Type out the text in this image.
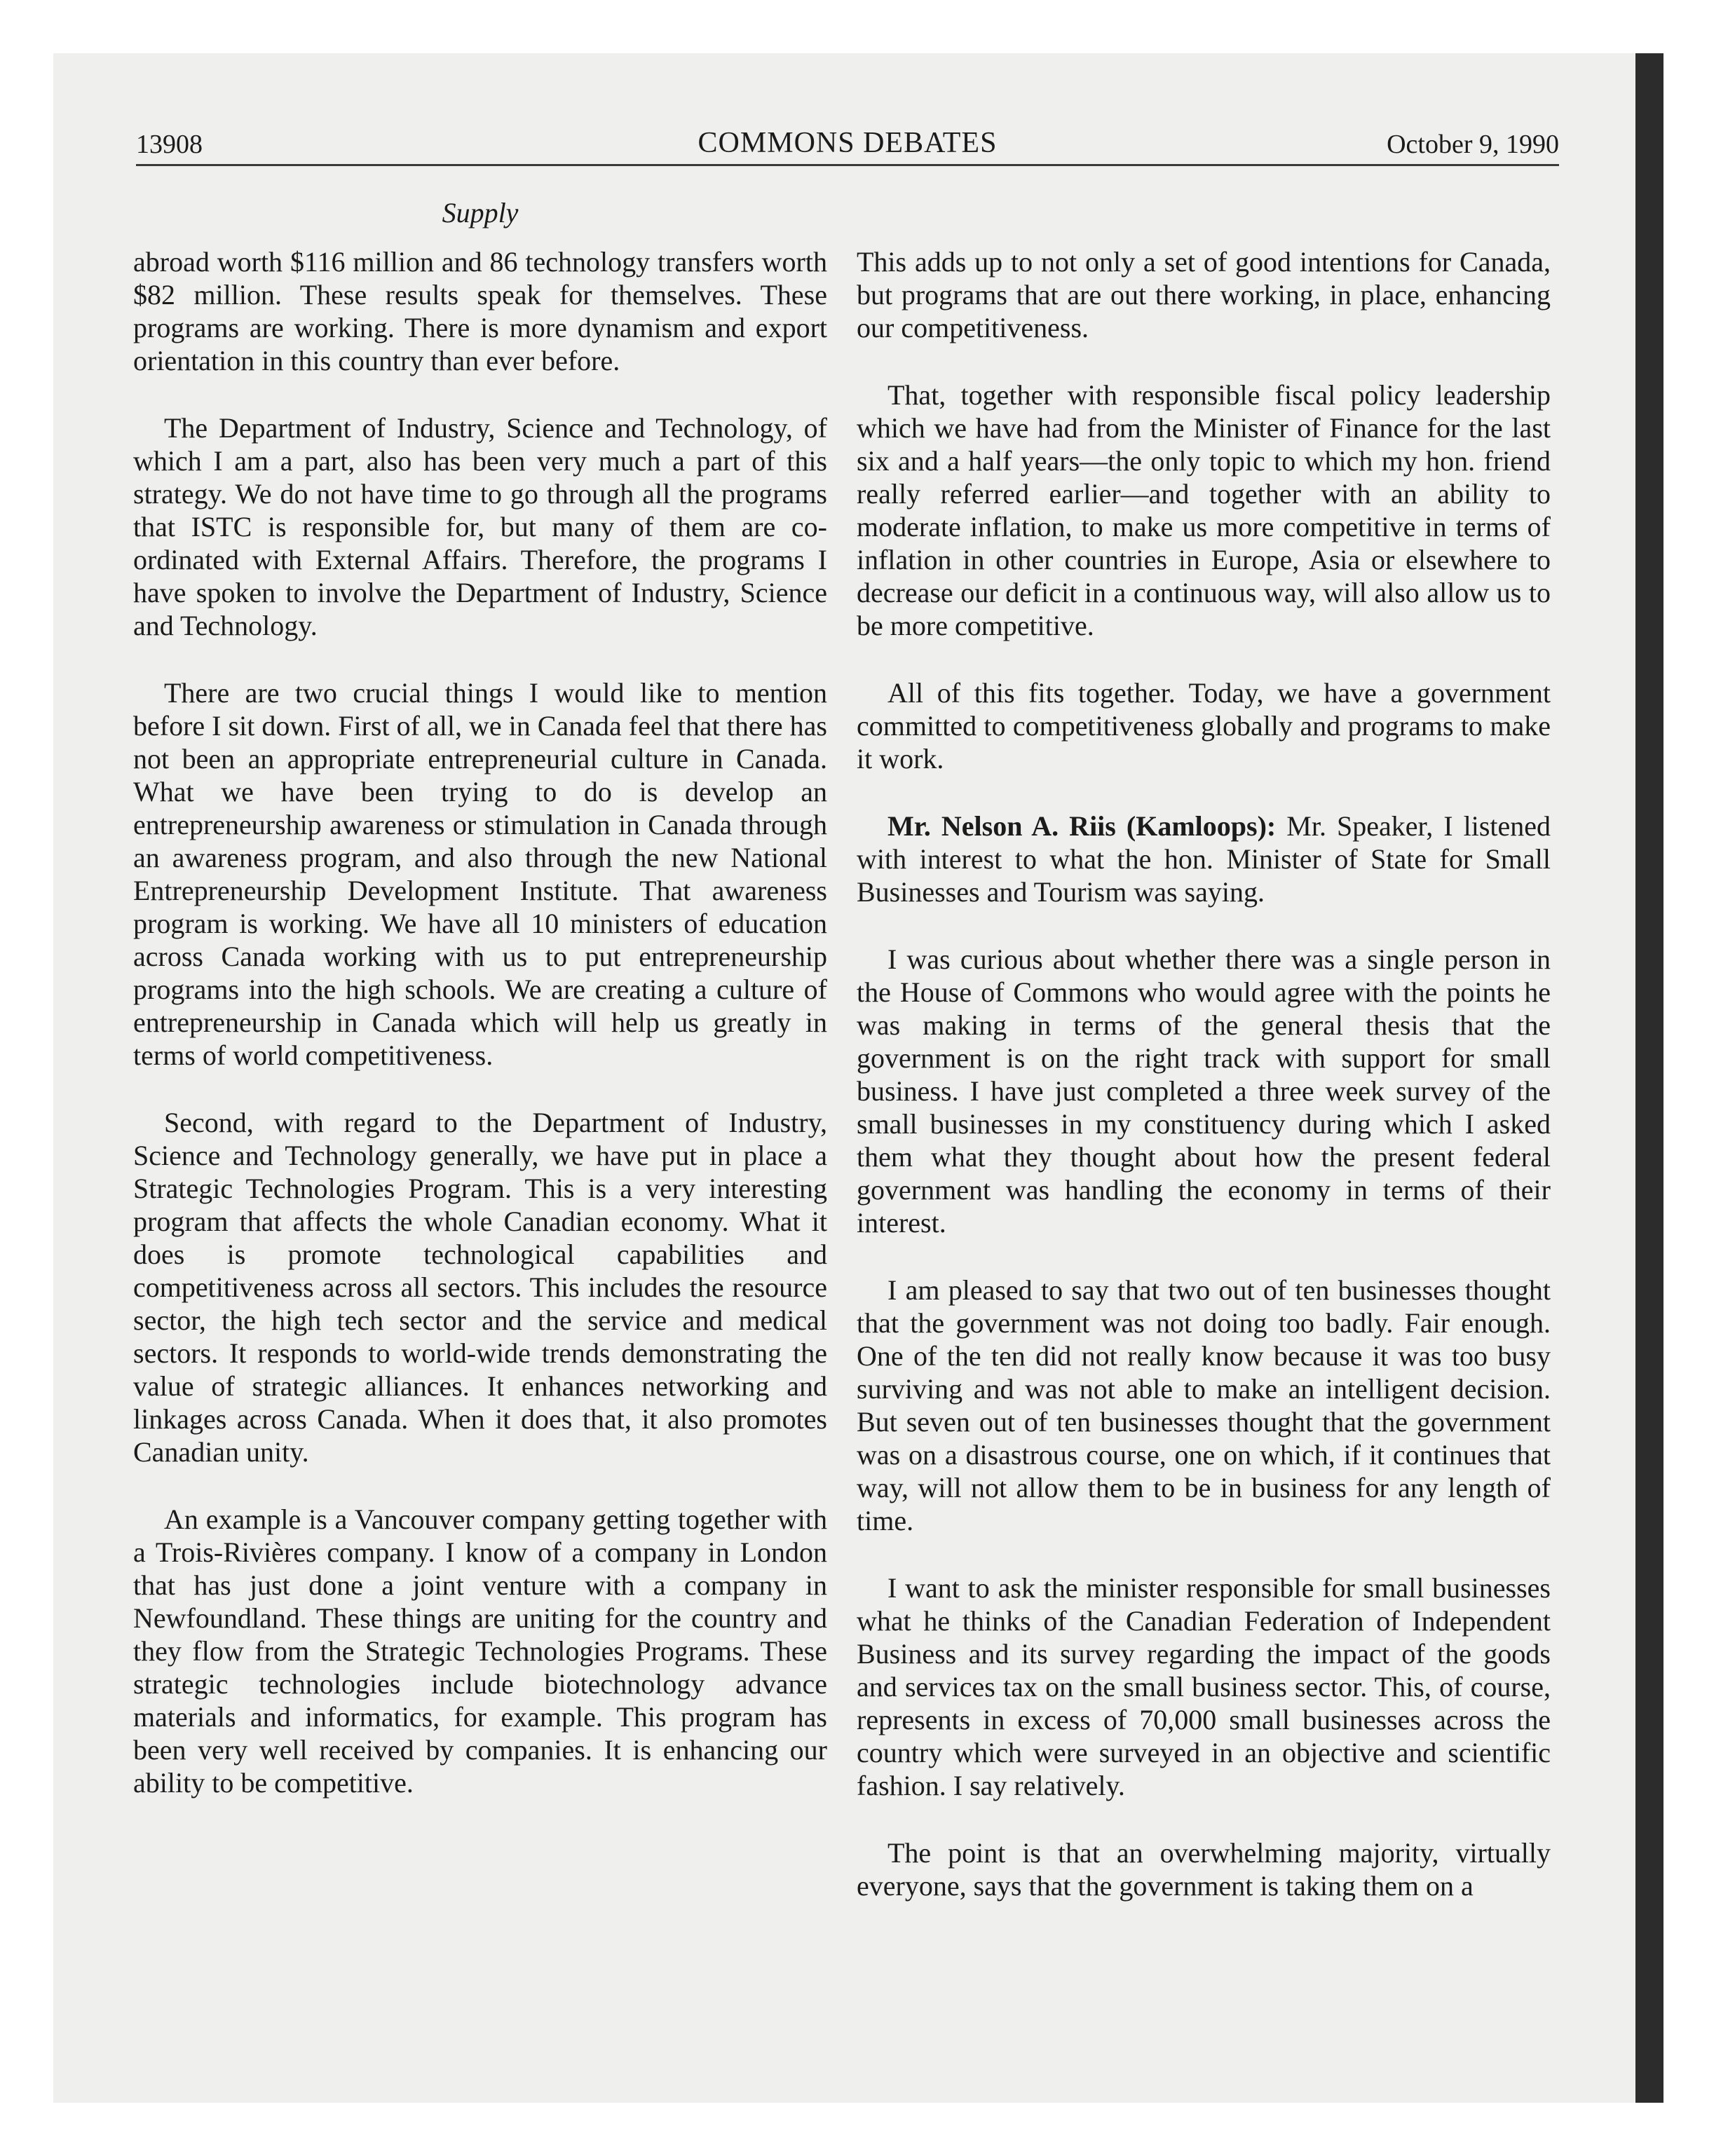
13908	COMMONS DEBATES	October 9, 1990
Supply

abroad worth $116 million and 86 technology transfers worth $82 million. These results speak for themselves. These programs are working. There is more dynamism and export orientation in this country than ever before.

The Department of Industry, Science and Technology, of which I am a part, also has been very much a part of this strategy. We do not have time to go through all the programs that ISTC is responsible for, but many of them are co-ordinated with External Affairs. Therefore, the programs I have spoken to involve the Department of Industry, Science and Technology.

There are two crucial things I would like to mention before I sit down. First of all, we in Canada feel that there has not been an appropriate entrepreneurial culture in Canada. What we have been trying to do is develop an entrepreneurship awareness or stimulation in Canada through an awareness program, and also through the new National Entrepreneurship Development Institute. That awareness program is working. We have all 10 ministers of education across Canada working with us to put entrepreneurship programs into the high schools. We are creating a culture of entrepreneurship in Canada which will help us greatly in terms of world competitiveness.

Second, with regard to the Department of Industry, Science and Technology generally, we have put in place a Strategic Technologies Program. This is a very interesting program that affects the whole Canadian economy. What it does is promote technological capabilities and competitiveness across all sectors. This includes the resource sector, the high tech sector and the service and medical sectors. It responds to world-wide trends demonstrating the value of strategic alliances. It enhances networking and linkages across Canada. When it does that, it also promotes Canadian unity.

An example is a Vancouver company getting together with a Trois-Rivières company. I know of a company in London that has just done a joint venture with a company in Newfoundland. These things are uniting for the country and they flow from the Strategic Technologies Programs. These strategic technologies include biotechnology advance materials and informatics, for example. This program has been very well received by companies. It is enhancing our ability to be competitive.

This adds up to not only a set of good intentions for Canada, but programs that are out there working, in place, enhancing our competitiveness.

That, together with responsible fiscal policy leadership which we have had from the Minister of Finance for the last six and a half years—the only topic to which my hon. friend really referred earlier—and together with an ability to moderate inflation, to make us more competitive in terms of inflation in other countries in Europe, Asia or elsewhere to decrease our deficit in a continuous way, will also allow us to be more competitive.

All of this fits together. Today, we have a government committed to competitiveness globally and programs to make it work.

Mr. Nelson A. Riis (Kamloops): Mr. Speaker, I listened with interest to what the hon. Minister of State for Small Businesses and Tourism was saying.

I was curious about whether there was a single person in the House of Commons who would agree with the points he was making in terms of the general thesis that the government is on the right track with support for small business. I have just completed a three week survey of the small businesses in my constituency during which I asked them what they thought about how the present federal government was handling the economy in terms of their interest.

I am pleased to say that two out of ten businesses thought that the government was not doing too badly. Fair enough. One of the ten did not really know because it was too busy surviving and was not able to make an intelligent decision. But seven out of ten businesses thought that the government was on a disastrous course, one on which, if it continues that way, will not allow them to be in business for any length of time.

I want to ask the minister responsible for small businesses what he thinks of the Canadian Federation of Independent Business and its survey regarding the impact of the goods and services tax on the small business sector. This, of course, represents in excess of 70,000 small businesses across the country which were surveyed in an objective and scientific fashion. I say relatively.

The point is that an overwhelming majority, virtually everyone, says that the government is taking them on a
